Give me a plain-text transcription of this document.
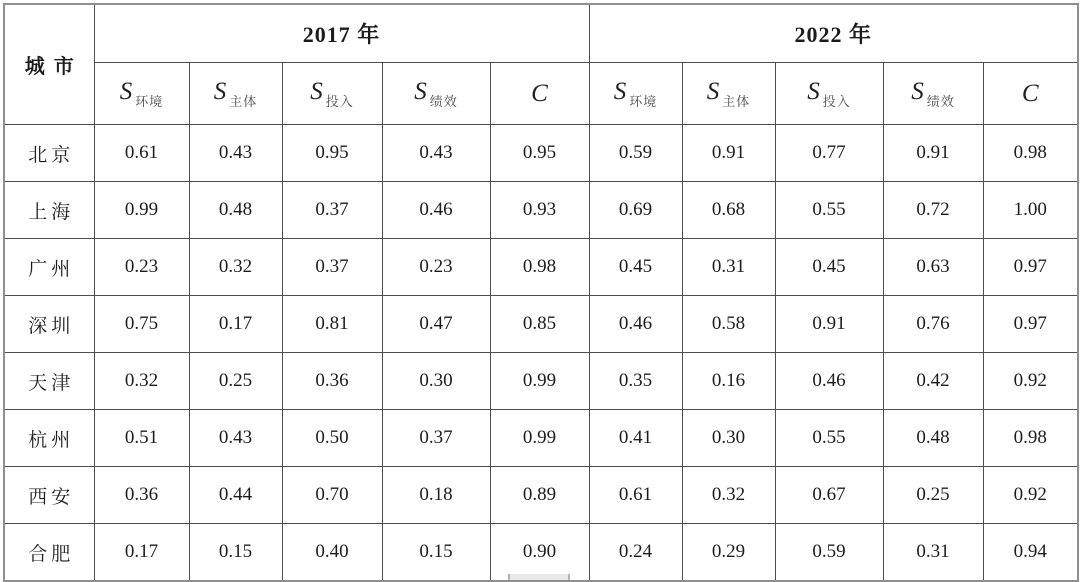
城市	2017 年					2022 年				
	S $_{环境}$	S $_{主体}$	S $_{投入}$	S $_{绩效}$	C	S $_{环境}$	S $_{主体}$	S $_{投入}$	S $_{绩效}$	C
北京	0.61	0.43	0.95	0.43	0.95	0.59	0.91	0.77	0.91	0.98
上海	0.99	0.48	0.37	0.46	0.93	0.69	0.68	0.55	0.72	1.00
广州	0.23	0.32	0.37	0.23	0.98	0.45	0.31	0.45	0.63	0.97
深圳	0.75	0.17	0.81	0.47	0.85	0.46	0.58	0.91	0.76	0.97
天津	0.32	0.25	0.36	0.30	0.99	0.35	0.16	0.46	0.42	0.92
杭州	0.51	0.43	0.50	0.37	0.99	0.41	0.30	0.55	0.48	0.98
西安	0.36	0.44	0.70	0.18	0.89	0.61	0.32	0.67	0.25	0.92
合肥	0.17	0.15	0.40	0.15	0.90	0.24	0.29	0.59	0.31	0.94
